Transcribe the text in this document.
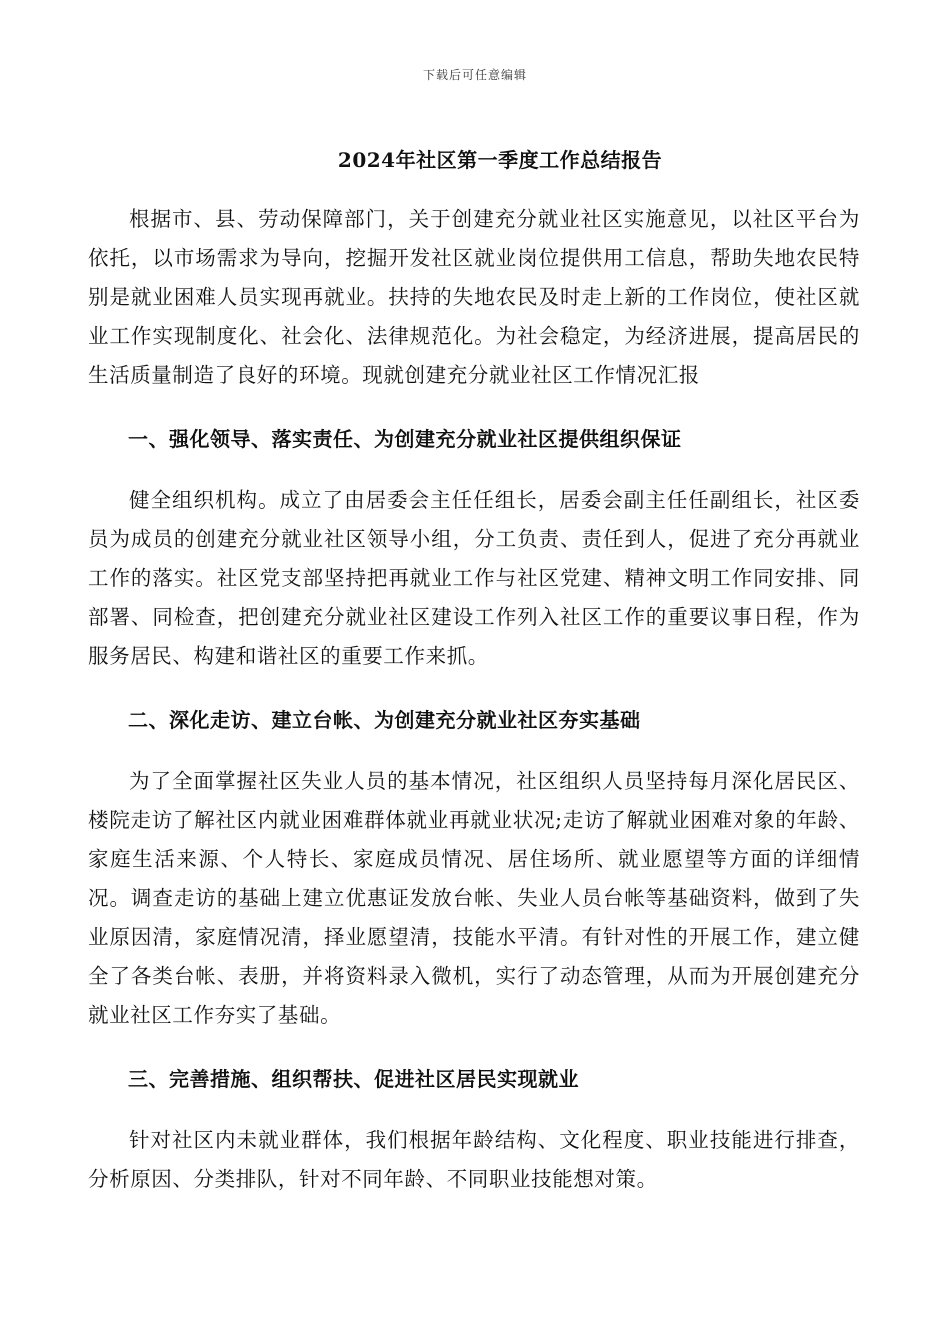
下载后可任意编辑
2024年社区第一季度工作总结报告

根据市、县、劳动保障部门，关于创建充分就业社区实施意见，以社区平台为依托，以市场需求为导向，挖掘开发社区就业岗位提供用工信息，帮助失地农民特别是就业困难人员实现再就业。扶持的失地农民及时走上新的工作岗位，使社区就业工作实现制度化、社会化、法律规范化。为社会稳定，为经济进展，提高居民的生活质量制造了良好的环境。现就创建充分就业社区工作情况汇报

一、强化领导、落实责任、为创建充分就业社区提供组织保证

健全组织机构。成立了由居委会主任任组长，居委会副主任任副组长，社区委员为成员的创建充分就业社区领导小组，分工负责、责任到人，促进了充分再就业工作的落实。社区党支部坚持把再就业工作与社区党建、精神文明工作同安排、同部署、同检查，把创建充分就业社区建设工作列入社区工作的重要议事日程，作为服务居民、构建和谐社区的重要工作来抓。

二、深化走访、建立台帐、为创建充分就业社区夯实基础

为了全面掌握社区失业人员的基本情况，社区组织人员坚持每月深化居民区、楼院走访了解社区内就业困难群体就业再就业状况;走访了解就业困难对象的年龄、家庭生活来源、个人特长、家庭成员情况、居住场所、就业愿望等方面的详细情况。调查走访的基础上建立优惠证发放台帐、失业人员台帐等基础资料，做到了失业原因清，家庭情况清，择业愿望清，技能水平清。有针对性的开展工作，建立健全了各类台帐、表册，并将资料录入微机，实行了动态管理，从而为开展创建充分就业社区工作夯实了基础。

三、完善措施、组织帮扶、促进社区居民实现就业

针对社区内未就业群体，我们根据年龄结构、文化程度、职业技能进行排查，分析原因、分类排队，针对不同年龄、不同职业技能想对策。
